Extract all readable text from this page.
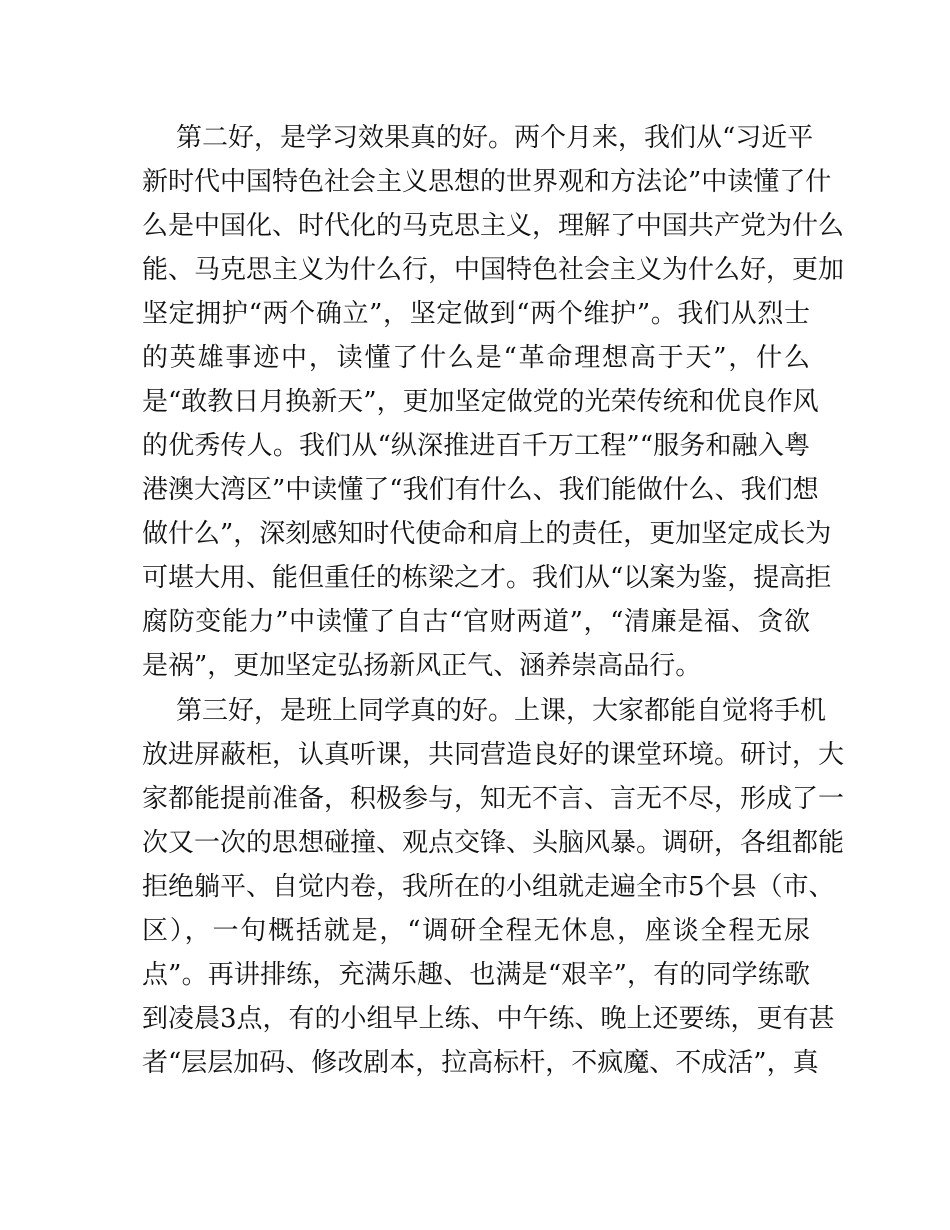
第二好，是学习效果真的好。两个月来，我们从“习近平
新时代中国特色社会主义思想的世界观和方法论”中读懂了什
么是中国化、时代化的马克思主义，理解了中国共产党为什么
能、马克思主义为什么行，中国特色社会主义为什么好，更加
坚定拥护“两个确立”，坚定做到“两个维护”。我们从烈士
的英雄事迹中，读懂了什么是“革命理想高于天”，什么
是“敢教日月换新天”，更加坚定做党的光荣传统和优良作风
的优秀传人。我们从“纵深推进百千万工程”“服务和融入粤
港澳大湾区”中读懂了“我们有什么、我们能做什么、我们想
做什么”，深刻感知时代使命和肩上的责任，更加坚定成长为
可堪大用、能但重任的栋梁之才。我们从“以案为鉴，提高拒
腐防变能力”中读懂了自古“官财两道”，“清廉是福、贪欲
是祸”，更加坚定弘扬新风正气、涵养崇高品行。
第三好，是班上同学真的好。上课，大家都能自觉将手机
放进屏蔽柜，认真听课，共同营造良好的课堂环境。研讨，大
家都能提前准备，积极参与，知无不言、言无不尽，形成了一
次又一次的思想碰撞、观点交锋、头脑风暴。调研，各组都能
拒绝躺平、自觉内卷，我所在的小组就走遍全市5个县（市、
区），一句概括就是，“调研全程无休息，座谈全程无尿
点”。再讲排练，充满乐趣、也满是“艰辛”，有的同学练歌
到凌晨3点，有的小组早上练、中午练、晚上还要练，更有甚
者“层层加码、修改剧本，拉高标杆，不疯魔、不成活”，真
